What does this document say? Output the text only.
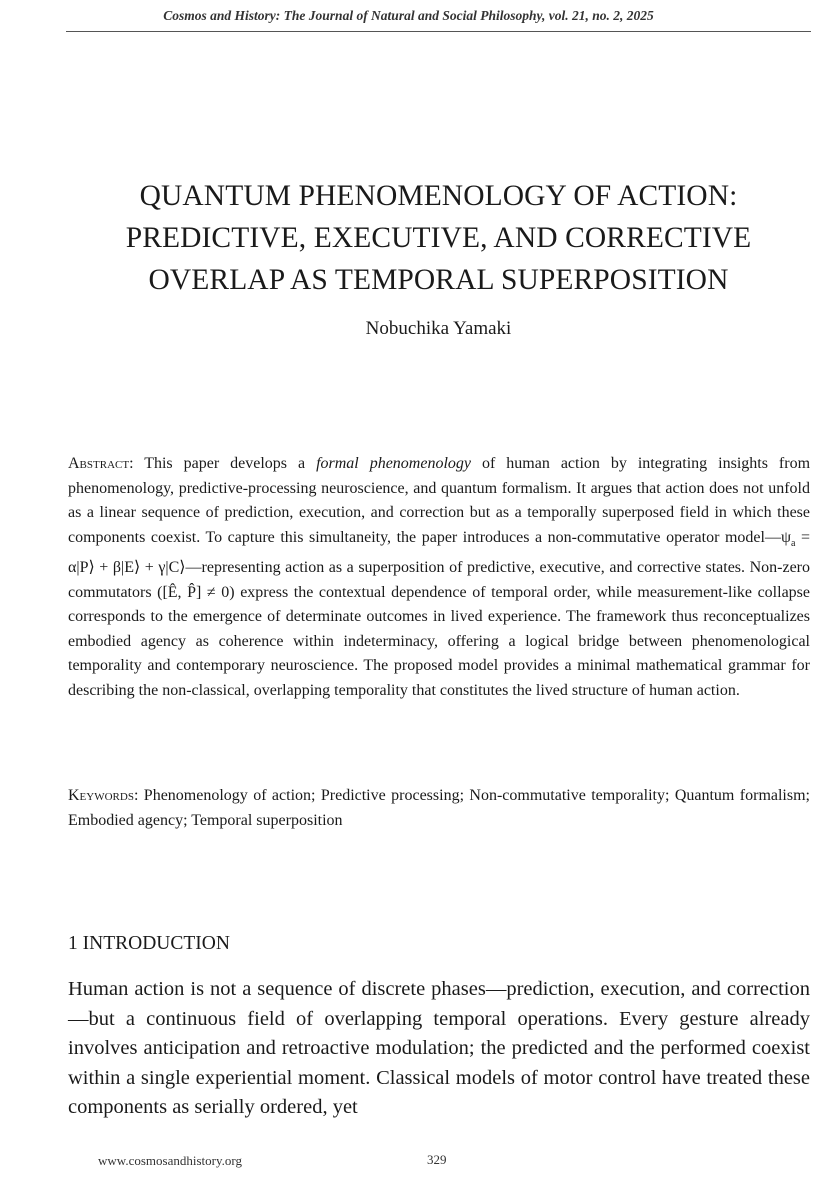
Cosmos and History: The Journal of Natural and Social Philosophy, vol. 21, no. 2, 2025
QUANTUM PHENOMENOLOGY OF ACTION:
PREDICTIVE, EXECUTIVE, AND CORRECTIVE
OVERLAP AS TEMPORAL SUPERPOSITION
Nobuchika Yamaki

Abstract: This paper develops a formal phenomenology of human action by integrating insights from phenomenology, predictive-processing neuroscience, and quantum formalism. It argues that action does not unfold as a linear sequence of prediction, execution, and correction but as a temporally superposed field in which these components coexist. To capture this simultaneity, the paper introduces a non-commutative operator $model—\psi_a$ = α|P⟩ + β|E⟩ + γ|C⟩—representing action as a superposition of predictive, executive, and corrective states. Non-zero commutators ([Ê, P̂] ≠ 0) express the contextual dependence of temporal order, while measurement-like collapse corresponds to the emergence of determinate outcomes in lived experience. The framework thus reconceptualizes embodied agency as coherence within indeterminacy, offering a logical bridge between phenomenological temporality and contemporary neuroscience. The proposed model provides a minimal mathematical grammar for describing the non-classical, overlapping temporality that constitutes the lived structure of human action.

Keywords: Phenomenology of action; Predictive processing; Non-commutative temporality; Quantum formalism; Embodied agency; Temporal superposition

1 INTRODUCTION

Human action is not a sequence of discrete phases—prediction, execution, and correction—but a continuous field of overlapping temporal operations. Every gesture already involves anticipation and retroactive modulation; the predicted and the performed coexist within a single experiential moment. Classical models of motor control have treated these components as serially ordered, yet

www.cosmosandhistory.org	329
